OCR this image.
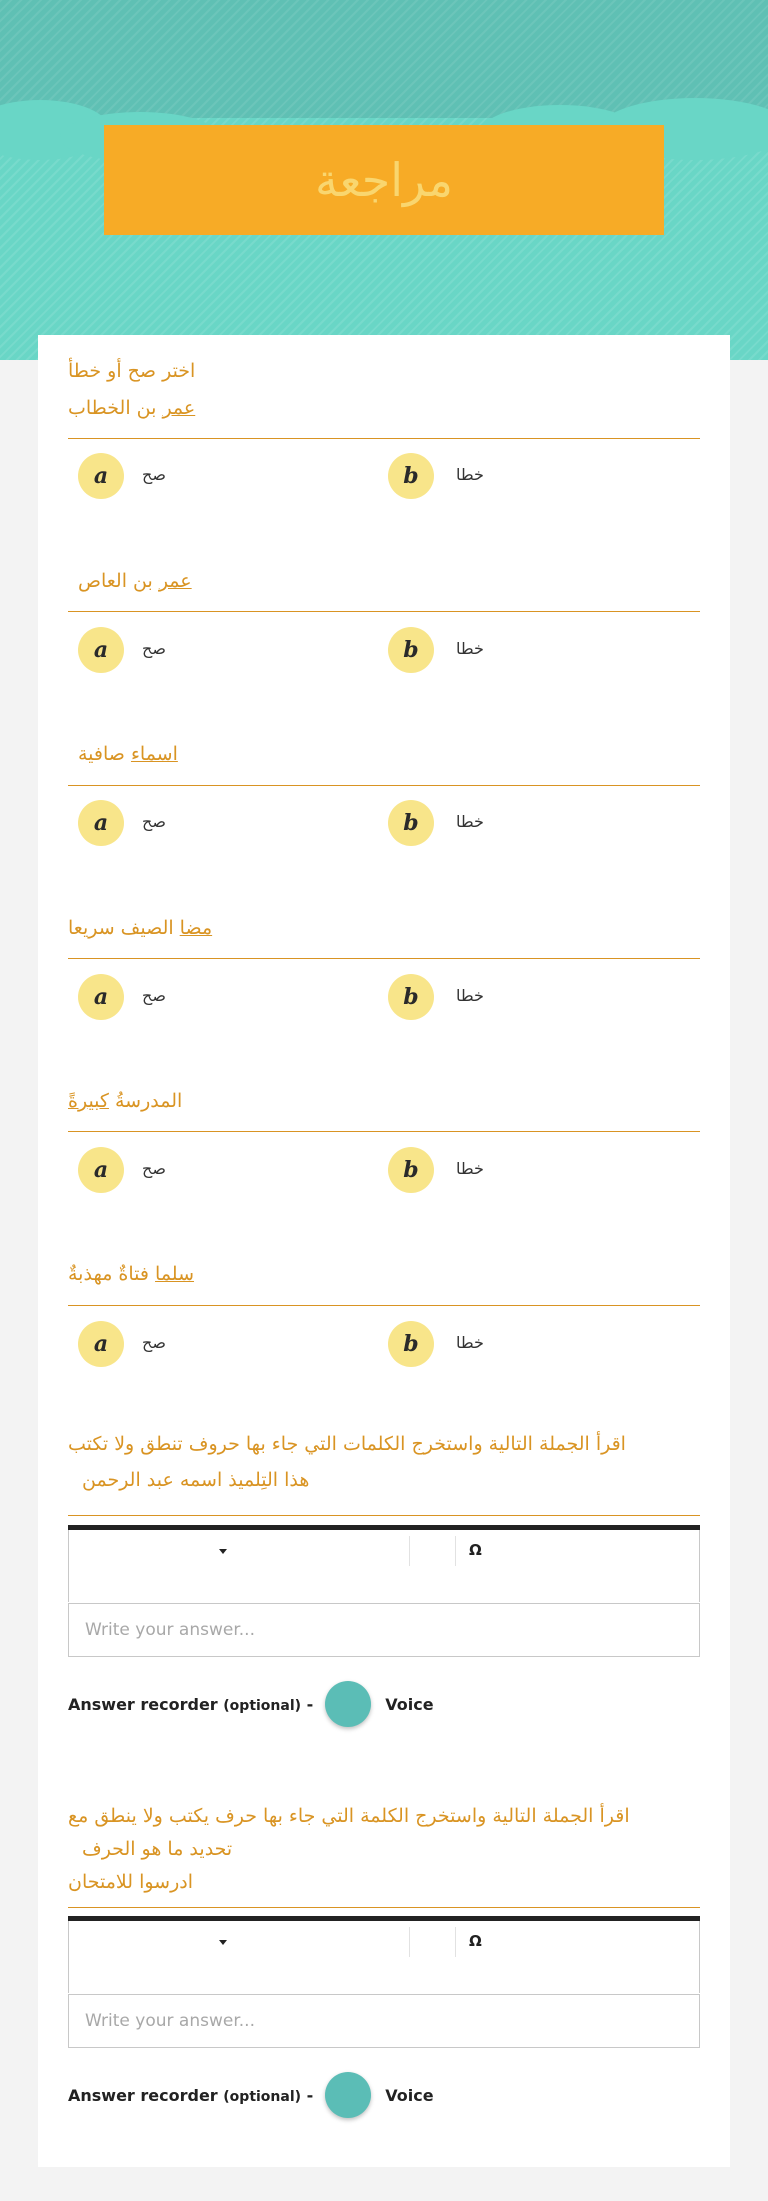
مراجعة
اختر صح أو خطأ
عمر بن الخطاب
a	صح	b	خطا
عمر بن العاص
a	صح	b	خطا
اسماء صافية
a	صح	b	خطا
مضا الصيف سريعا
a	صح	b	خطا
المدرسةُ كبيرةً
a	صح	b	خطا
سلما فتاةٌ مهذبةٌ
a	صح	b	خطا
اقرأ الجملة التالية واستخرج الكلمات التي جاء بها حروف تنطق ولا تكتب
هذا التِلميذ اسمه عبد الرحمن
Ω
Write your answer...
Answer recorder (optional) -	Voice
اقرأ الجملة التالية واستخرج الكلمة التي جاء بها حرف يكتب ولا ينطق مع
تحديد ما هو الحرف
ادرسوا للامتحان
Ω
Write your answer...
Answer recorder (optional) -	Voice
